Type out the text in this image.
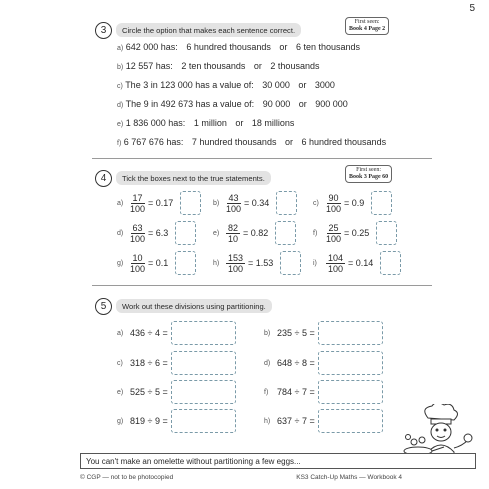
5
3	Circle the option that makes each sentence correct.
First seen:
Book 4 Page 2
a) 642 000 has: 6 hundred thousands or 6 ten thousands
b) 12 557 has: 2 ten thousands or 2 thousands
c) The 3 in 123 000 has a value of: 30 000 or 3000
d) The 9 in 492 673 has a value of: 90 000 or 900 000
e) 1 836 000 has: 1 million or 18 millions
f) 6 767 676 has: 7 hundred thousands or 6 hundred thousands
4	Tick the boxes next to the true statements.
First seen:
Book 3 Page 60
$a) \frac{17}{100} = 0.17$	$b) \frac{43}{100} = 0.34$	$c) \frac{90}{100} = 0.9$
$d) \frac{63}{100} = 6.3$	$e) \frac{82}{10} = 0.82$	$f) \frac{25}{100} = 0.25$
$g) \frac{10}{100} = 0.1$	$h) \frac{153}{100} = 1.53$	i)	$\frac{104}{100} = 0.14$
5	Work out these divisions using partitioning.
a) 436 ÷ 4 =	b) 235 ÷ 5 =
c) 318 ÷ 6 =	d) 648 ÷ 8 =
e) 525 ÷ 5 =	f) 784 ÷ 7 =
g) 819 ÷ 9 =	h) 637 ÷ 7 =
You can't make an omelette without partitioning a few eggs...
© CGP — not to be photocopied	KS3 Catch-Up Maths — Workbook 4
